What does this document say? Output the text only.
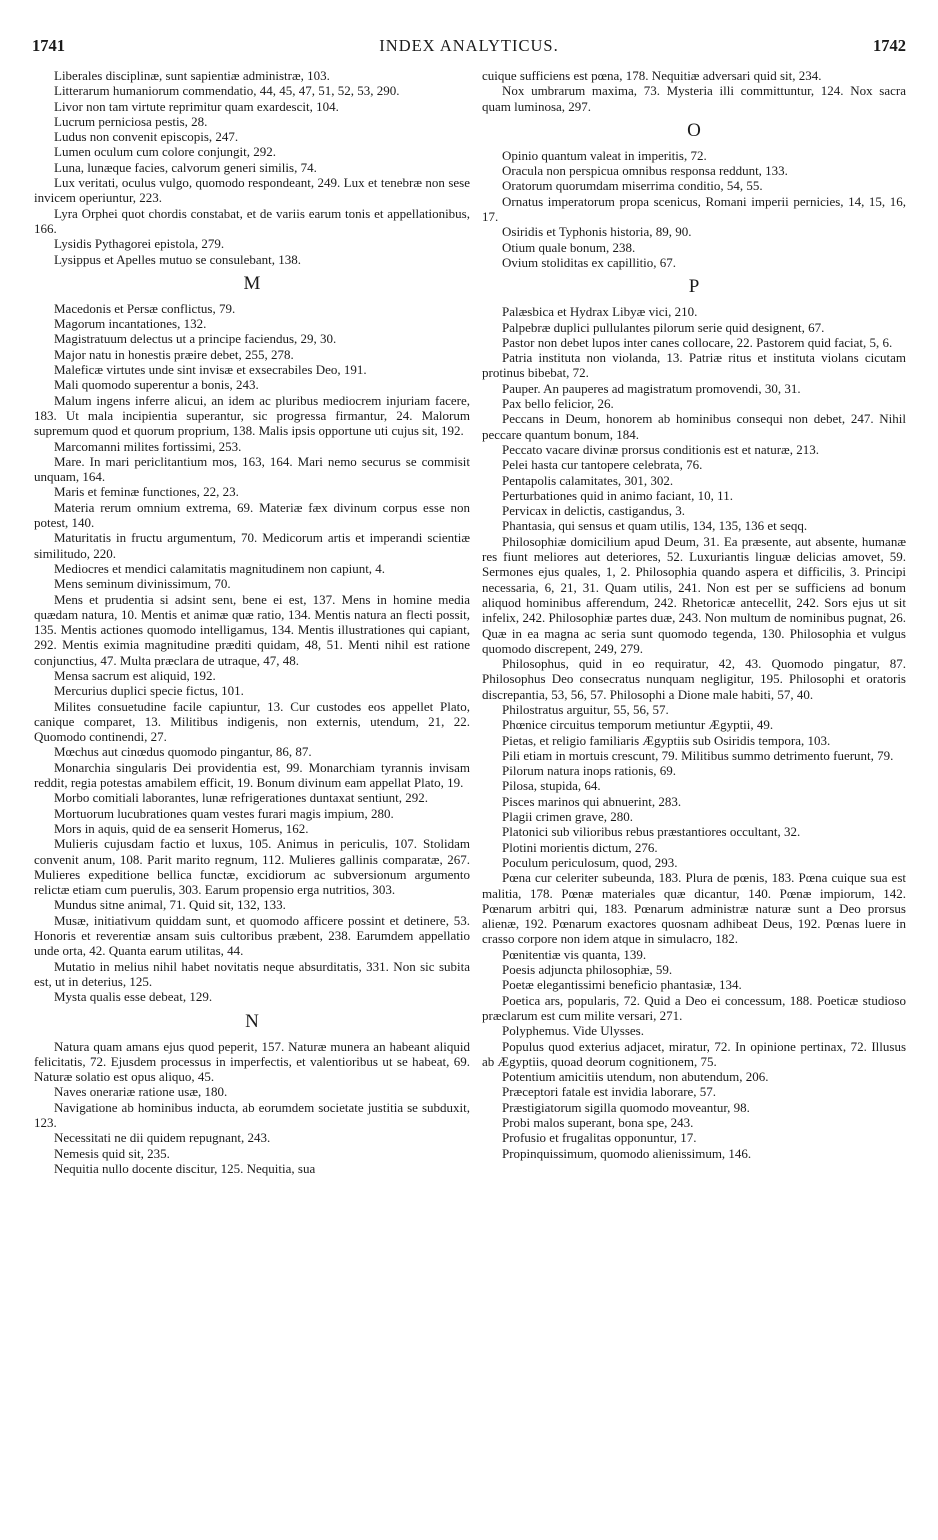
1741	INDEX ANALYTICUS.	1742
Liberales disciplinæ, sunt sapientiæ administræ, 103.
Litterarum humaniorum commendatio, 44, 45, 47, 51, 52, 53, 290.
Livor non tam virtute reprimitur quam exardescit, 104.
Lucrum perniciosa pestis, 28.
Ludus non convenit episcopis, 247.
Lumen oculum cum colore conjungit, 292.
Luna, lunæque facies, calvorum generi similis, 74.
Lux veritati, oculus vulgo, quomodo respondeant, 249. Lux et tenebræ non sese invicem operiuntur, 223.
Lyra Orphei quot chordis constabat, et de variis earum tonis et appellationibus, 166.
Lysidis Pythagorei epistola, 279.
Lysippus et Apelles mutuo se consulebant, 138.
M
Macedonis et Persæ conflictus, 79.
Magorum incantationes, 132.
Magistratuum delectus ut a principe faciendus, 29, 30.
Major natu in honestis præire debet, 255, 278.
Maleficæ virtutes unde sint invisæ et exsecrabiles Deo, 191.
Mali quomodo superentur a bonis, 243.
Malum ingens inferre alicui, an idem ac pluribus mediocrem injuriam facere, 183. Ut mala incipientia superantur, sic progressa firmantur, 24. Malorum supremum quod et quorum proprium, 138. Malis ipsis opportune uti cujus sit, 192.
Marcomanni milites fortissimi, 253.
Mare. In mari periclitantium mos, 163, 164. Mari nemo securus se commisit unquam, 164.
Maris et feminæ functiones, 22, 23.
Materia rerum omnium extrema, 69. Materiæ fæx divinum corpus esse non potest, 140.
Maturitatis in fructu argumentum, 70. Medicorum artis et imperandi scientiæ similitudo, 220.
Mediocres et mendici calamitatis magnitudinem non capiunt, 4.
Mens seminum divinissimum, 70.
Mens et prudentia si adsint senι, bene ei est, 137. Mens in homine media quædam natura, 10. Mentis et animæ quæ ratio, 134. Mentis natura an flecti possit, 135. Mentis actiones quomodo intelligamus, 134. Mentis illustrationes qui capiant, 292. Mentis eximia magnitudine præditi quidam, 48, 51. Menti nihil est ratione conjunctius, 47. Multa præclara de utraque, 47, 48.
Mensa sacrum est aliquid, 192.
Mercurius duplici specie fictus, 101.
Milites consuetudine facile capiuntur, 13. Cur custodes eos appellet Plato, canique comparet, 13. Militibus indigenis, non externis, utendum, 21, 22. Quomodo continendi, 27.
Mœchus aut cinœdus quomodo pingantur, 86, 87.
Monarchia singularis Dei providentia est, 99. Monarchiam tyrannis invisam reddit, regia potestas amabilem efficit, 19. Bonum divinum eam appellat Plato, 19.
Morbo comitiali laborantes, lunæ refrigerationes duntaxat sentiunt, 292.
Mortuorum lucubrationes quam vestes furari magis impium, 280.
Mors in aquis, quid de ea senserit Homerus, 162.
Mulieris cujusdam factio et luxus, 105. Animus in periculis, 107. Stolidam convenit anum, 108. Parit marito regnum, 112. Mulieres gallinis comparatæ, 267. Mulieres expeditione bellica functæ, excidiorum ac subversionum argumento relictæ etiam cum puerulis, 303. Earum propensio erga nutritios, 303.
Mundus sitne animal, 71. Quid sit, 132, 133.
Musæ, initiativum quiddam sunt, et quomodo afficere possint et detinere, 53. Honoris et reverentiæ ansam suis cultoribus præbent, 238. Earumdem appellatio unde orta, 42. Quanta earum utilitas, 44.
Mutatio in melius nihil habet novitatis neque absurditatis, 331. Non sic subita est, ut in deterius, 125.
Mysta qualis esse debeat, 129.
N
Natura quam amans ejus quod peperit, 157. Naturæ munera an habeant aliquid felicitatis, 72. Ejusdem processus in imperfectis, et valentioribus ut se habeat, 69. Naturæ solatio est opus aliquo, 45.
Naves onerariæ ratione usæ, 180.
Navigatione ab hominibus inducta, ab eorumdem societate justitia se subduxit, 123.
Necessitati ne dii quidem repugnant, 243.
Nemesis quid sit, 235.
Nequitia nullo docente discitur, 125. Nequitia, sua
cuique sufficiens est pœna, 178. Nequitiæ adversari quid sit, 234.
Nox umbrarum maxima, 73. Mysteria illi committuntur, 124. Nox sacra quam luminosa, 297.
O
Opinio quantum valeat in imperitis, 72.
Oracula non perspicua omnibus responsa reddunt, 133.
Oratorum quorumdam miserrima conditio, 54, 55.
Ornatus imperatorum propa scenicus, Romani imperii pernicies, 14, 15, 16, 17.
Osiridis et Typhonis historia, 89, 90.
Otium quale bonum, 238.
Ovium stoliditas ex capillitio, 67.
P
Palæsbica et Hydrax Libyæ vici, 210.
Palpebræ duplici pullulantes pilorum serie quid designent, 67.
Pastor non debet lupos inter canes collocare, 22. Pastorem quid faciat, 5, 6.
Patria instituta non violanda, 13. Patriæ ritus et instituta violans cicutam protinus bibebat, 72.
Pauper. An pauperes ad magistratum promovendi, 30, 31.
Pax bello felicior, 26.
Peccans in Deum, honorem ab hominibus consequi non debet, 247. Nihil peccare quantum bonum, 184.
Peccato vacare divinæ prorsus conditionis est et naturæ, 213.
Pelei hasta cur tantopere celebrata, 76.
Pentapolis calamitates, 301, 302.
Perturbationes quid in animo faciant, 10, 11.
Pervicax in delictis, castigandus, 3.
Phantasia, qui sensus et quam utilis, 134, 135, 136 et seqq.
Philosophiæ domicilium apud Deum, 31. Ea præsente, aut absente, humanæ res fiunt meliores aut deteriores, 52. Luxuriantis linguæ delicias amovet, 59. Sermones ejus quales, 1, 2. Philosophia quando aspera et difficilis, 3. Principi necessaria, 6, 21, 31. Quam utilis, 241. Non est per se sufficiens ad bonum aliquod hominibus afferendum, 242. Rhetoricæ antecellit, 242. Sors ejus ut sit infelix, 242. Philosophiæ partes duæ, 243. Non multum de nominibus pugnat, 26. Quæ in ea magna ac seria sunt quomodo tegenda, 130. Philosophia et vulgus quomodo discrepent, 249, 279.
Philosophus, quid in eo requiratur, 42, 43. Quomodo pingatur, 87. Philosophus Deo consecratus nunquam negligitur, 195. Philosophi et oratoris discrepantia, 53, 56, 57. Philosophi a Dione male habiti, 57, 40.
Philostratus arguitur, 55, 56, 57.
Phœnice circuitus temporum metiuntur Ægyptii, 49.
Pietas, et religio familiaris Ægyptiis sub Osiridis tempora, 103.
Pili etiam in mortuis crescunt, 79. Militibus summo detrimento fuerunt, 79.
Pilorum natura inops rationis, 69.
Pilosa, stupida, 64.
Pisces marinos qui abnuerint, 283.
Plagii crimen grave, 280.
Platonici sub vilioribus rebus præstantiores occultant, 32.
Plotini morientis dictum, 276.
Poculum periculosum, quod, 293.
Pœna cur celeriter subeunda, 183. Plura de pœnis, 183. Pœna cuique sua est malitia, 178. Pœnæ materiales quæ dicantur, 140. Pœnæ impiorum, 142. Pœnarum arbitri qui, 183. Pœnarum administræ naturæ sunt a Deo prorsus alienæ, 192. Pœnarum exactores quosnam adhibeat Deus, 192. Pœnas luere in crasso corpore non idem atque in simulacro, 182.
Pœnitentiæ vis quanta, 139.
Poesis adjuncta philosophiæ, 59.
Poetæ elegantissimi beneficio phantasiæ, 134.
Poetica ars, popularis, 72. Quid a Deo ei concessum, 188. Poeticæ studioso præclarum est cum milite versari, 271.
Polyphemus. Vide Ulysses.
Populus quod exterius adjacet, miratur, 72. In opinione pertinax, 72. Illusus ab Ægyptiis, quoad deorum cognitionem, 75.
Potentium amicitiis utendum, non abutendum, 206.
Præceptori fatale est invidia laborare, 57.
Præstigiatorum sigilla quomodo moveantur, 98.
Probi malos superant, bona spe, 243.
Profusio et frugalitas opponuntur, 17.
Propinquissimum, quomodo alienissimum, 146.
